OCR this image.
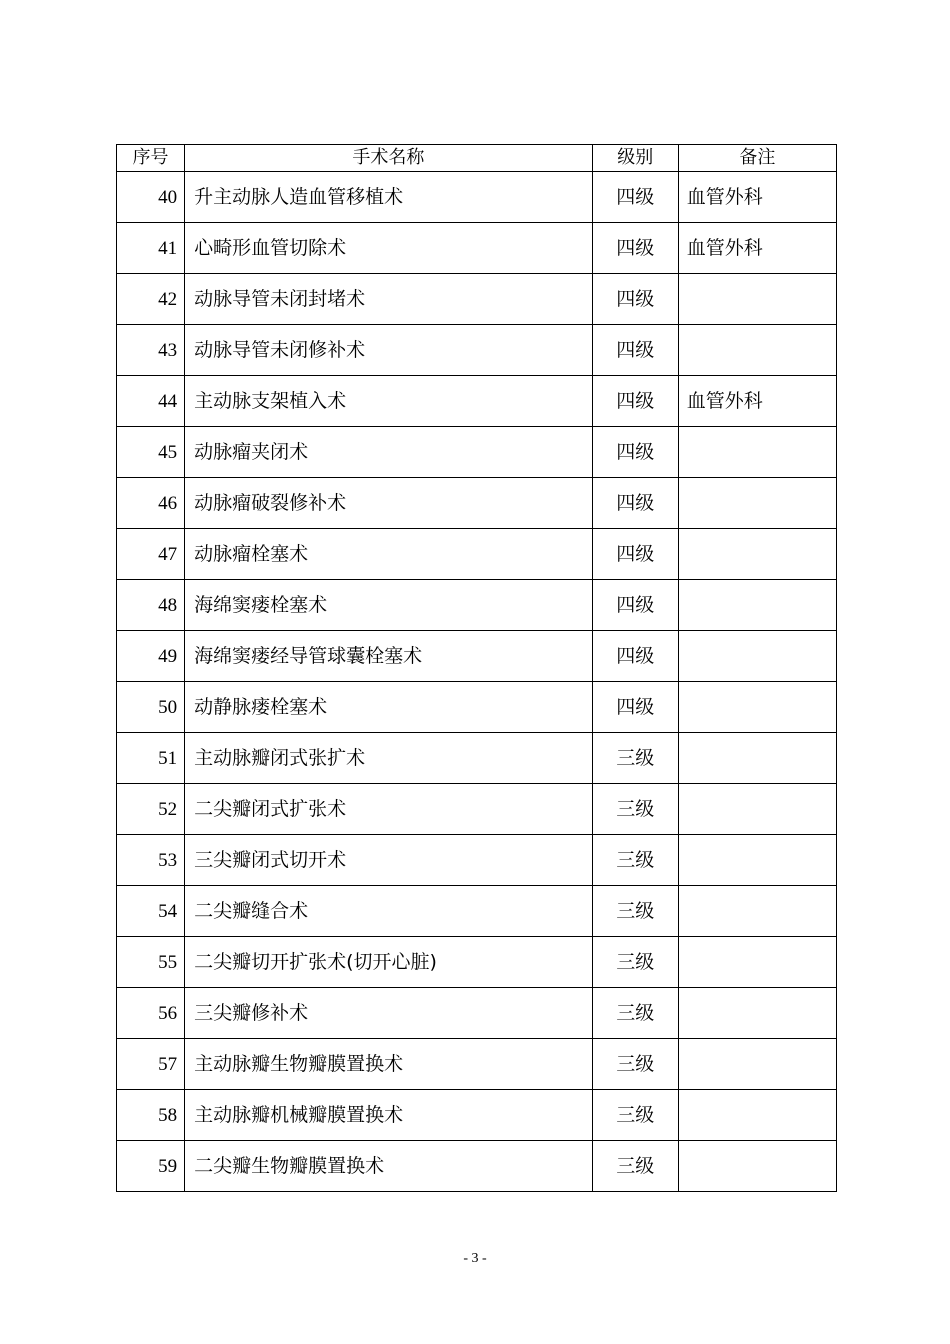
序号	手术名称	级别	备注
40	升主动脉人造血管移植术	四级	血管外科
41	心畸形血管切除术	四级	血管外科
42	动脉导管未闭封堵术	四级	
43	动脉导管未闭修补术	四级	
44	主动脉支架植入术	四级	血管外科
45	动脉瘤夹闭术	四级	
46	动脉瘤破裂修补术	四级	
47	动脉瘤栓塞术	四级	
48	海绵窦瘘栓塞术	四级	
49	海绵窦瘘经导管球囊栓塞术	四级	
50	动静脉瘘栓塞术	四级	
51	主动脉瓣闭式张扩术	三级	
52	二尖瓣闭式扩张术	三级	
53	三尖瓣闭式切开术	三级	
54	二尖瓣缝合术	三级	
55	二尖瓣切开扩张术(切开心脏)	三级	
56	三尖瓣修补术	三级	
57	主动脉瓣生物瓣膜置换术	三级	
58	主动脉瓣机械瓣膜置换术	三级	
59	二尖瓣生物瓣膜置换术	三级	
- 3 -
